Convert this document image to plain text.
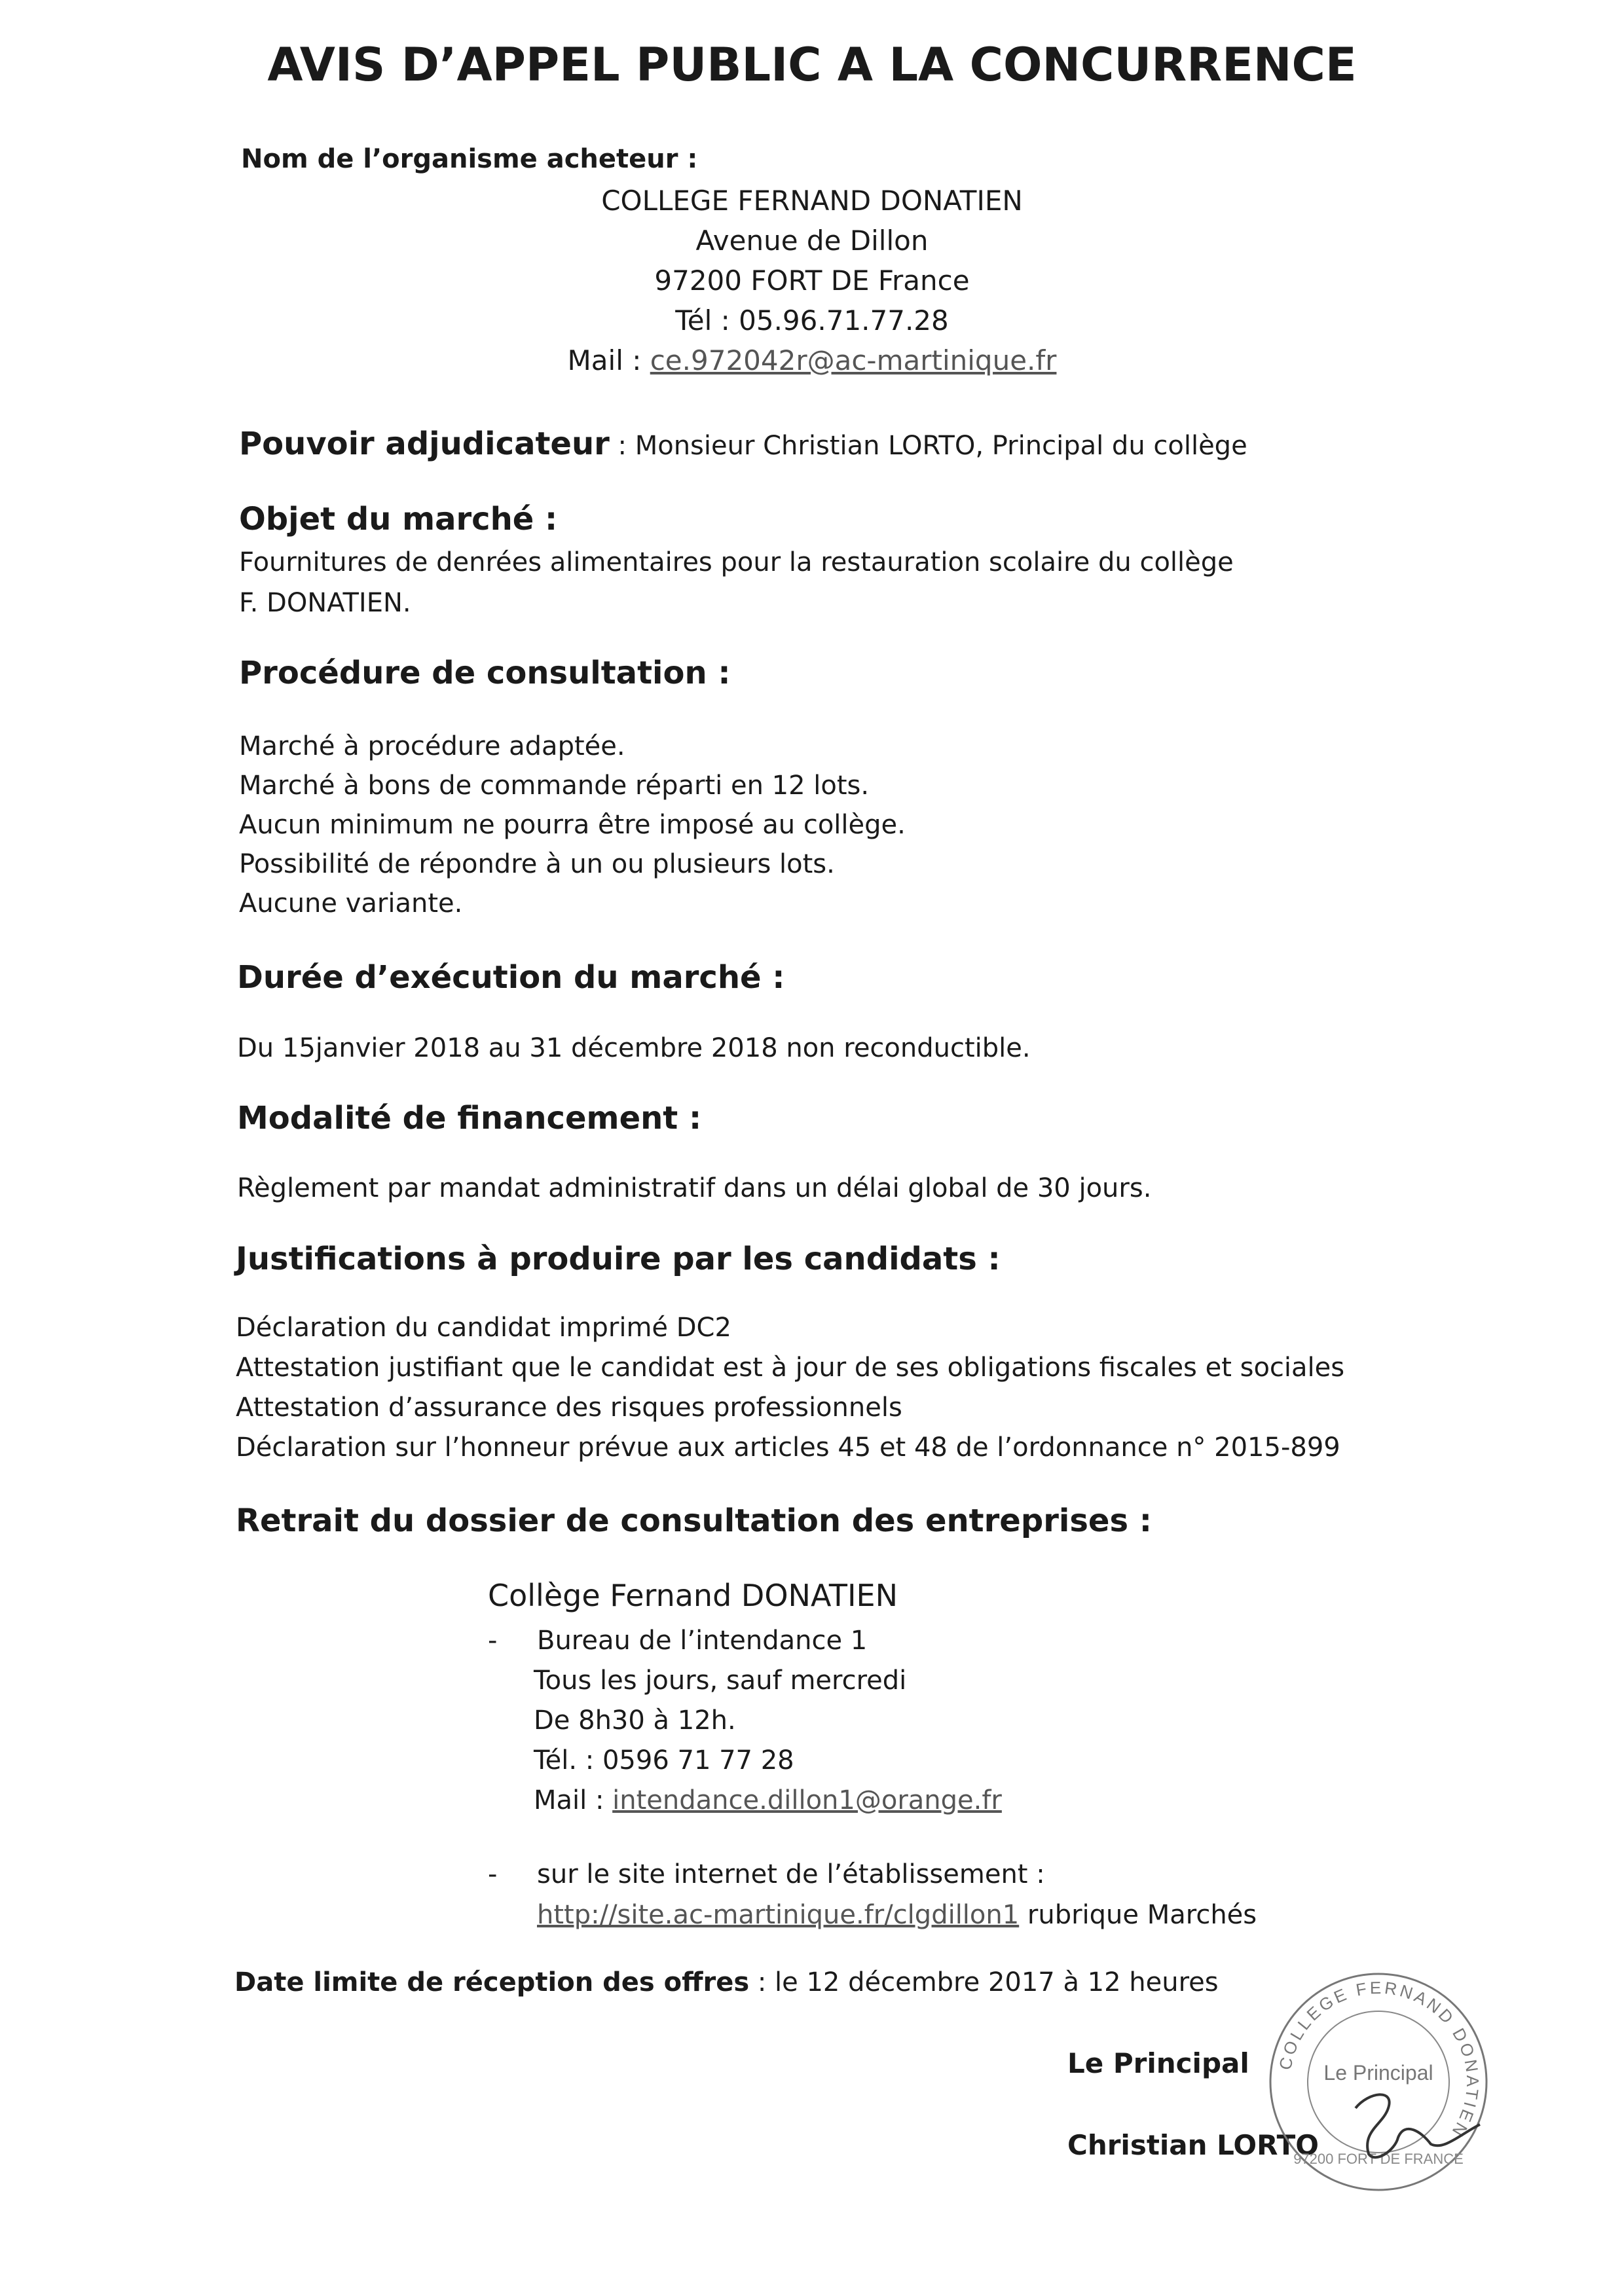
AVIS D’APPEL PUBLIC A LA CONCURRENCE
Nom de l’organisme acheteur :
COLLEGE FERNAND DONATIEN
Avenue de Dillon
97200 FORT DE France
Tél : 05.96.71.77.28
Mail : ce.972042r@ac-martinique.fr
Pouvoir adjudicateur : Monsieur Christian LORTO, Principal du collège
Objet du marché :
Fournitures de denrées alimentaires pour la restauration scolaire du collège
F. DONATIEN.
Procédure de consultation :
Marché à procédure adaptée.
Marché à bons de commande réparti en 12 lots.
Aucun minimum ne pourra être imposé au collège.
Possibilité de répondre à un ou plusieurs lots.
Aucune variante.
Durée d’exécution du marché :
Du 15janvier 2018 au 31 décembre 2018 non reconductible.
Modalité de financement :
Règlement par mandat administratif dans un délai global de 30 jours.
Justifications à produire par les candidats :
Déclaration du candidat imprimé DC2
Attestation justifiant que le candidat est à jour de ses obligations fiscales et sociales
Attestation d’assurance des risques professionnels
Déclaration sur l’honneur prévue aux articles 45 et 48 de l’ordonnance n° 2015-899
Retrait du dossier de consultation des entreprises :
Collège Fernand DONATIEN
- Bureau de l’intendance 1
Tous les jours, sauf mercredi
De 8h30 à 12h.
Tél. : 0596 71 77 28
Mail : intendance.dillon1@orange.fr
- sur le site internet de l’établissement :
http://site.ac-martinique.fr/clgdillon1 rubrique Marchés
Date limite de réception des offres : le 12 décembre 2017 à 12 heures
Le Principal
Christian LORTO
COLLEGE FERNAND DONATIEN
97200 FORT DE FRANCE
Le Principal
